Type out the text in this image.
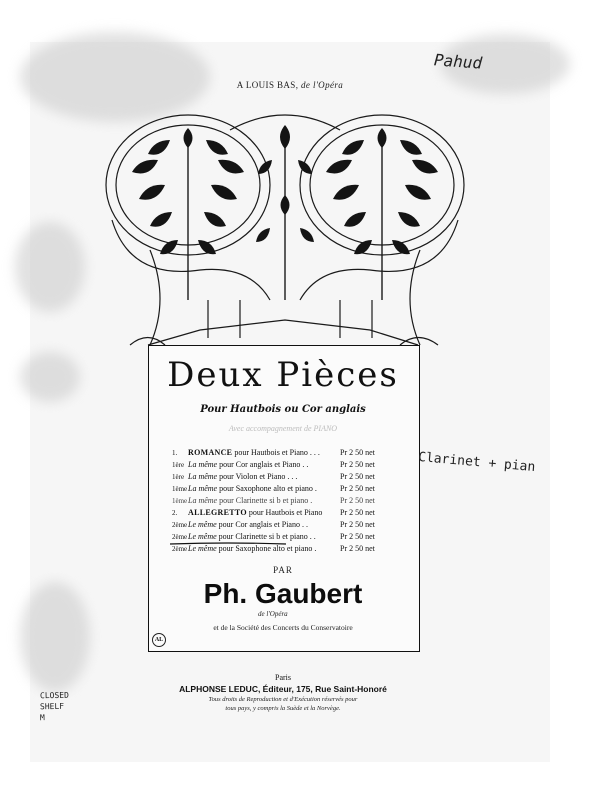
A LOUIS BAS, de l'Opéra
Deux Pièces
Pour Hautbois ou Cor anglais
Avec accompagnement de PIANO
1. ROMANCE pour Hautbois et Piano . . .	Pr 2 50 net
1ère La même pour Cor anglais et Piano . .	Pr 2 50 net
1ère La même pour Violon et Piano . . .	Pr 2 50 net
1èmeLa même pour Saxophone alto et piano .	Pr 2 50 net
1èmeLa même pour Clarinette si b et piano .	Pr 2 50 net
2. ALLEGRETTO pour Hautbois et Piano Pr 2 50 net
2èmeLe même pour Cor anglais et Piano . .	Pr 2 50 net
2èmeLe même pour Clarinette si b et piano . .	Pr 2 50 net
2èmeLe même pour Saxophone alto et piano .	Pr 2 50 net
PAR
Ph. Gaubert
de l'Opéra
et de la Société des Concerts du Conservatoire
AL
Paris
ALPHONSE LEDUC, Éditeur, 175, Rue Saint-Honoré
Tous droits de Reproduction et d'Exécution réservés pour
tous pays, y compris la Suède et la Norvège.
Pahud
Clarinet + pian
CLOSED
SHELF
M
